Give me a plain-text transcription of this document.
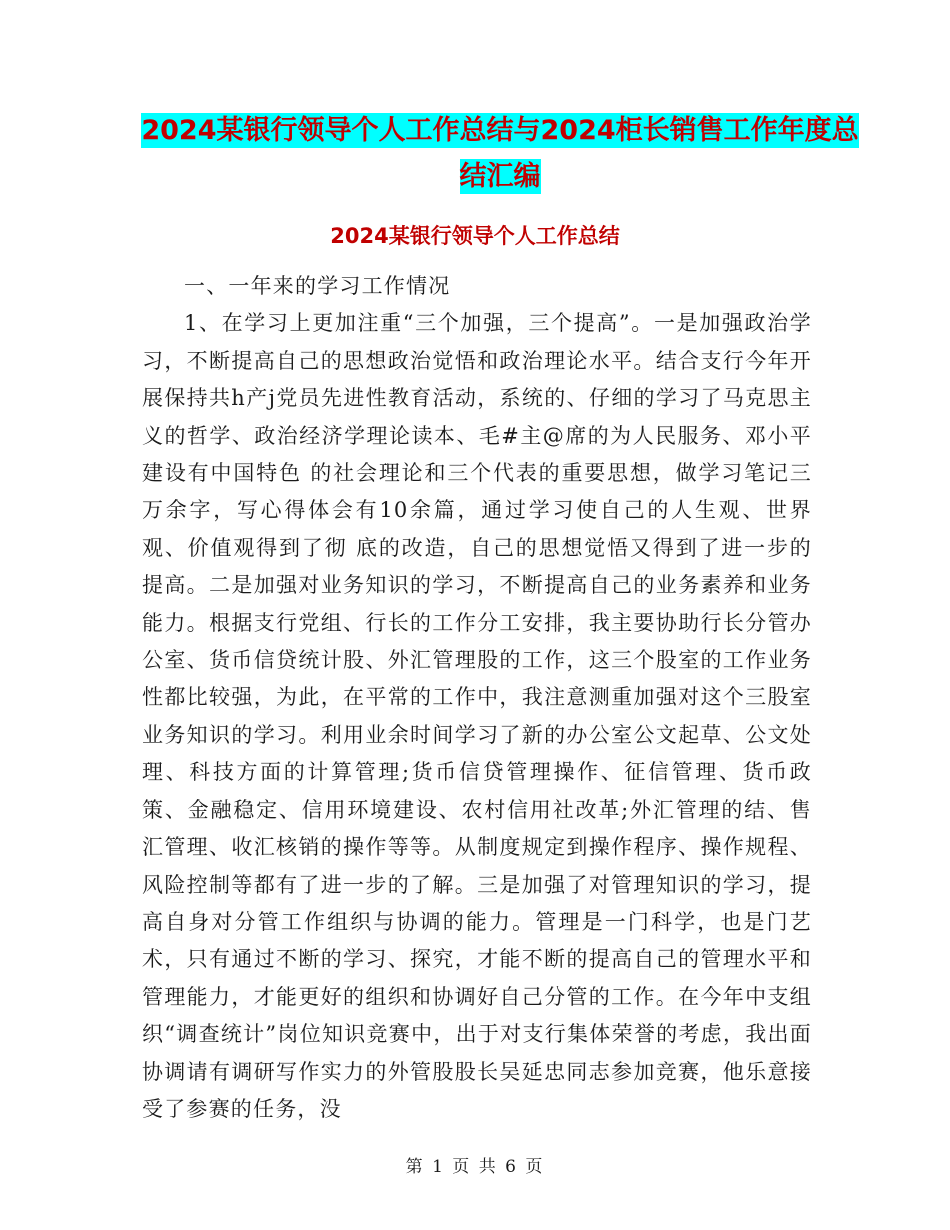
2024某银行领导个人工作总结与2024柜长销售工作年度总结汇编
2024某银行领导个人工作总结

一、一年来的学习工作情况

1、在学习上更加注重“三个加强，三个提高”。一是加强政治学习，不断提高自己的思想政治觉悟和政治理论水平。结合支行今年开展保持共h产j党员先进性教育活动，系统的、仔细的学习了马克思主义的哲学、政治经济学理论读本、毛#主@席的为人民服务、邓小平建设有中国特色 的社会理论和三个代表的重要思想，做学习笔记三万余字，写心得体会有10余篇，通过学习使自己的人生观、世界观、价值观得到了彻 底的改造，自己的思想觉悟又得到了进一步的提高。二是加强对业务知识的学习，不断提高自己的业务素养和业务能力。根据支行党组、行长的工作分工安排，我主要协助行长分管办公室、货币信贷统计股、外汇管理股的工作，这三个股室的工作业务性都比较强，为此，在平常的工作中，我注意测重加强对这个三股室业务知识的学习。利用业余时间学习了新的办公室公文起草、公文处理、科技方面的计算管理;货币信贷管理操作、征信管理、货币政策、金融稳定、信用环境建设、农村信用社改革;外汇管理的结、售汇管理、收汇核销的操作等等。从制度规定到操作程序、操作规程、风险控制等都有了进一步的了解。三是加强了对管理知识的学习，提高自身对分管工作组织与协调的能力。管理是一门科学，也是门艺术，只有通过不断的学习、探究，才能不断的提高自己的管理水平和管理能力，才能更好的组织和协调好自己分管的工作。在今年中支组织“调查统计”岗位知识竞赛中，出于对支行集体荣誉的考虑，我出面协调请有调研写作实力的外管股股长吴延忠同志参加竞赛，他乐意接受了参赛的任务，没

第 1 页 共 6 页
